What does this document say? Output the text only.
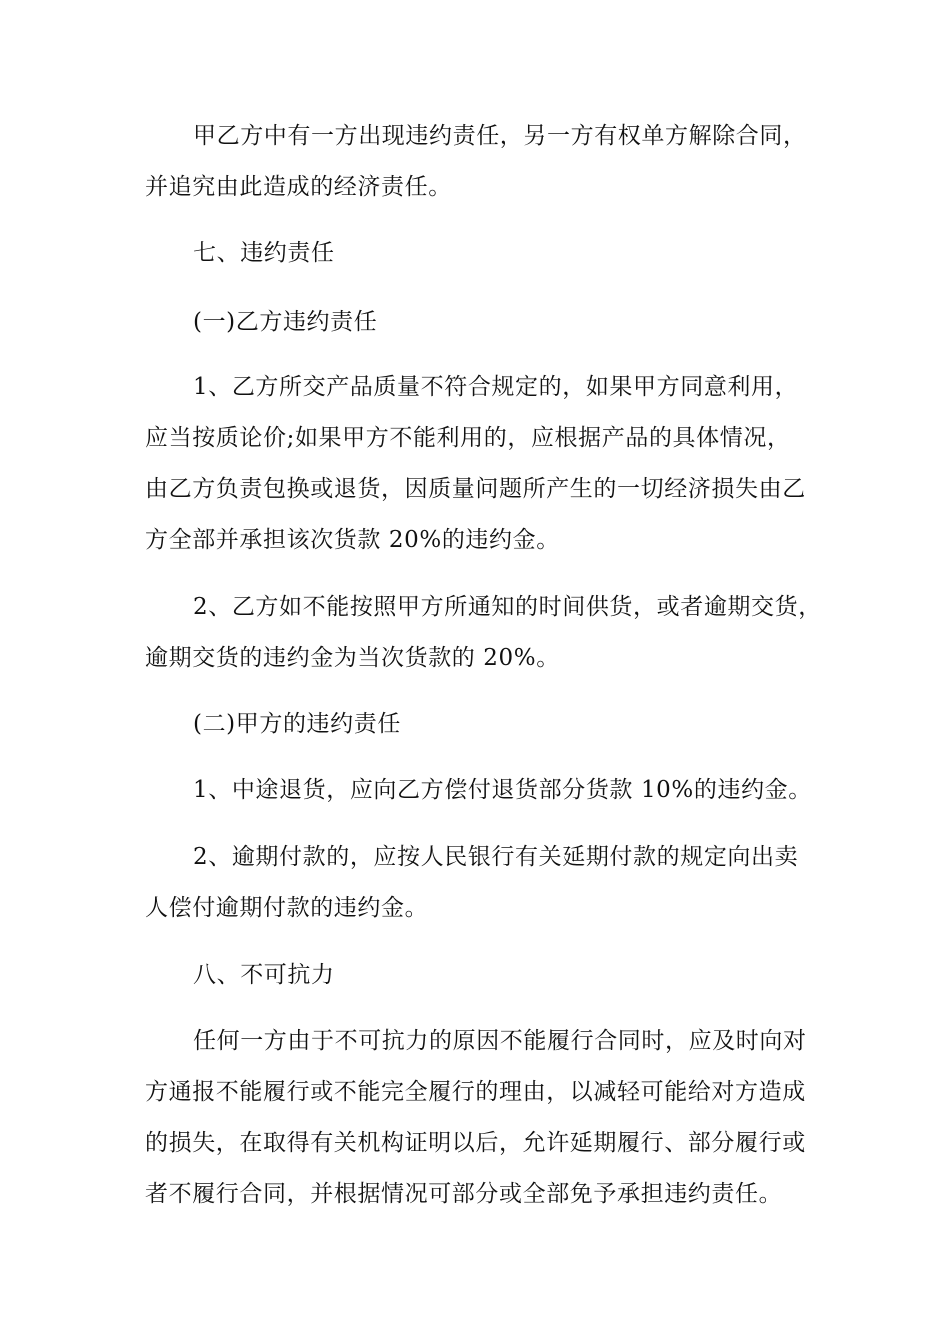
甲乙方中有一方出现违约责任，另一方有权单方解除合同，
并追究由此造成的经济责任。
七、违约责任
(一)乙方违约责任
1、乙方所交产品质量不符合规定的，如果甲方同意利用，
应当按质论价;如果甲方不能利用的，应根据产品的具体情况，
由乙方负责包换或退货，因质量问题所产生的一切经济损失由乙
方全部并承担该次货款 20%的违约金。
2、乙方如不能按照甲方所通知的时间供货，或者逾期交货，
逾期交货的违约金为当次货款的 20%。
(二)甲方的违约责任
1、中途退货，应向乙方偿付退货部分货款 10%的违约金。
2、逾期付款的，应按人民银行有关延期付款的规定向出卖
人偿付逾期付款的违约金。
八、不可抗力
任何一方由于不可抗力的原因不能履行合同时，应及时向对
方通报不能履行或不能完全履行的理由，以减轻可能给对方造成
的损失，在取得有关机构证明以后，允许延期履行、部分履行或
者不履行合同，并根据情况可部分或全部免予承担违约责任。
